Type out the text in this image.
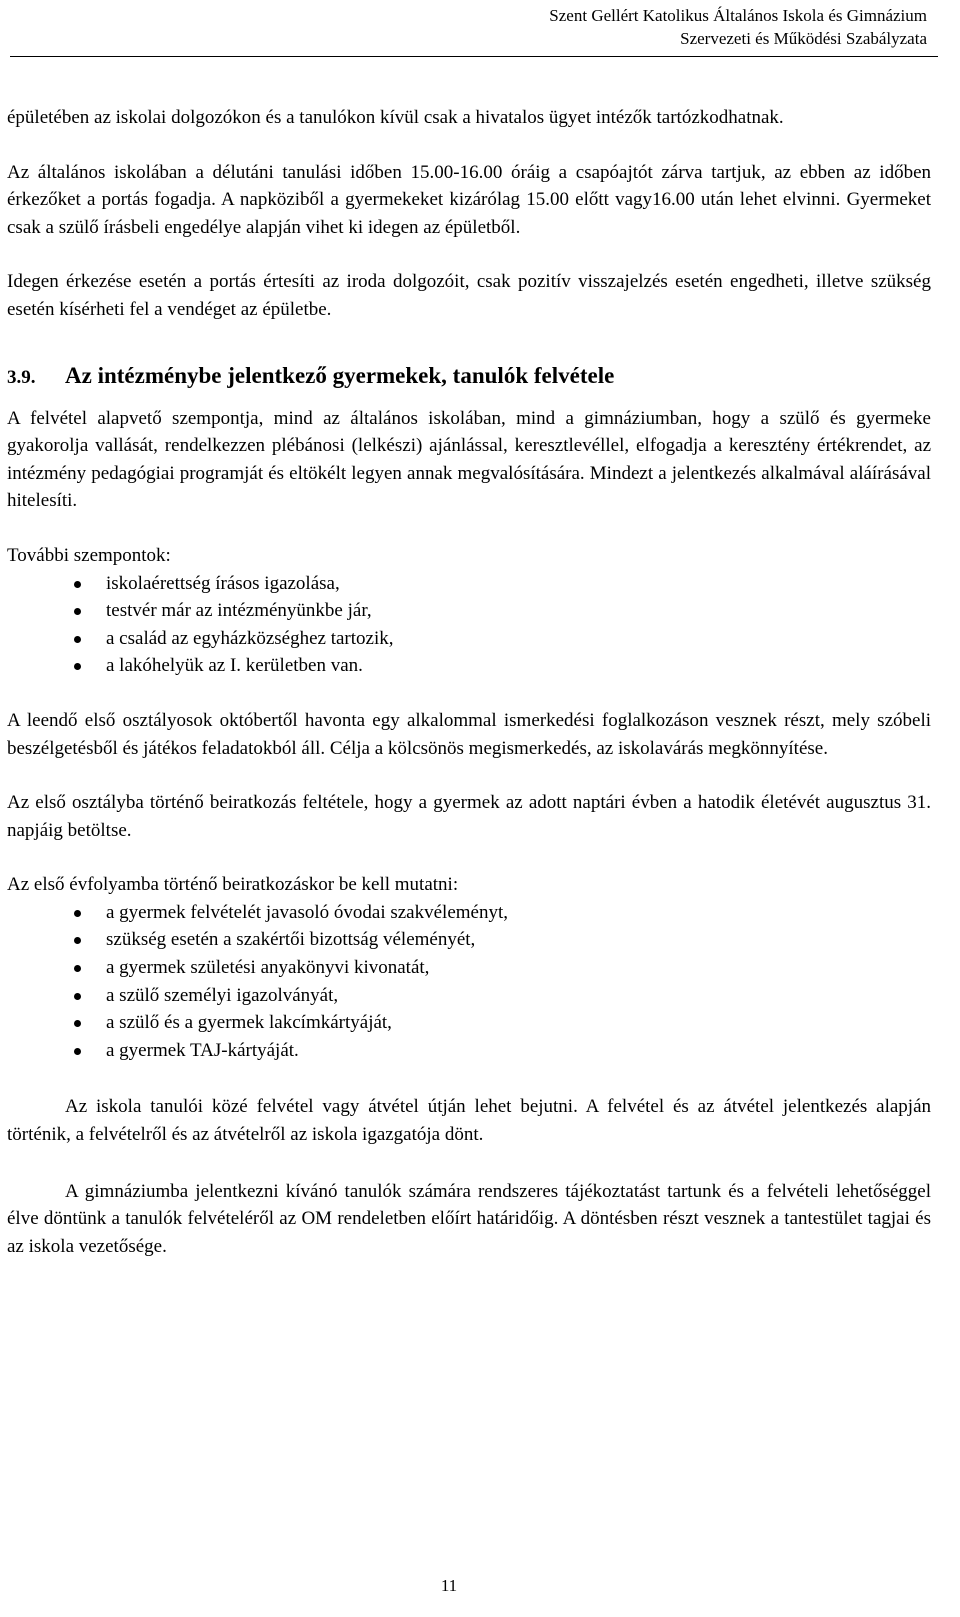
Szent Gellért Katolikus Általános Iskola és Gimnázium
Szervezeti és Működési Szabályzata

épületében az iskolai dolgozókon és a tanulókon kívül csak a hivatalos ügyet intézők tartózkodhatnak.

Az általános iskolában a délutáni tanulási időben 15.00-16.00 óráig a csapóajtót zárva tartjuk, az ebben az időben érkezőket a portás fogadja. A napköziből a gyermekeket kizárólag 15.00 előtt vagy16.00 után lehet elvinni. Gyermeket csak a szülő írásbeli engedélye alapján vihet ki idegen az épületből.

Idegen érkezése esetén a portás értesíti az iroda dolgozóit, csak pozitív visszajelzés esetén engedheti, illetve szükség esetén kísérheti fel a vendéget az épületbe.

3.9. Az intézménybe jelentkező gyermekek, tanulók felvétele

A felvétel alapvető szempontja, mind az általános iskolában, mind a gimnáziumban, hogy a szülő és gyermeke gyakorolja vallását, rendelkezzen plébánosi (lelkészi) ajánlással, keresztlevéllel, elfogadja a keresztény értékrendet, az intézmény pedagógiai programját és eltökélt legyen annak megvalósítására. Mindezt a jelentkezés alkalmával aláírásával hitelesíti.

További szempontok:

iskolaérettség írásos igazolása,
testvér már az intézményünkbe jár,
a család az egyházközséghez tartozik,
a lakóhelyük az I. kerületben van.

A leendő első osztályosok októbertől havonta egy alkalommal ismerkedési foglalkozáson vesznek részt, mely szóbeli beszélgetésből és játékos feladatokból áll. Célja a kölcsönös megismerkedés, az iskolavárás megkönnyítése.

Az első osztályba történő beiratkozás feltétele, hogy a gyermek az adott naptári évben a hatodik életévét augusztus 31. napjáig betöltse.

Az első évfolyamba történő beiratkozáskor be kell mutatni:

a gyermek felvételét javasoló óvodai szakvéleményt,
szükség esetén a szakértői bizottság véleményét,
a gyermek születési anyakönyvi kivonatát,
a szülő személyi igazolványát,
a szülő és a gyermek lakcímkártyáját,
a gyermek TAJ-kártyáját.

Az iskola tanulói közé felvétel vagy átvétel útján lehet bejutni. A felvétel és az átvétel jelentkezés alapján történik, a felvételről és az átvételről az iskola igazgatója dönt.

A gimnáziumba jelentkezni kívánó tanulók számára rendszeres tájékoztatást tartunk és a felvételi lehetőséggel élve döntünk a tanulók felvételéről az OM rendeletben előírt határidőig. A döntésben részt vesznek a tantestület tagjai és az iskola vezetősége.

11
